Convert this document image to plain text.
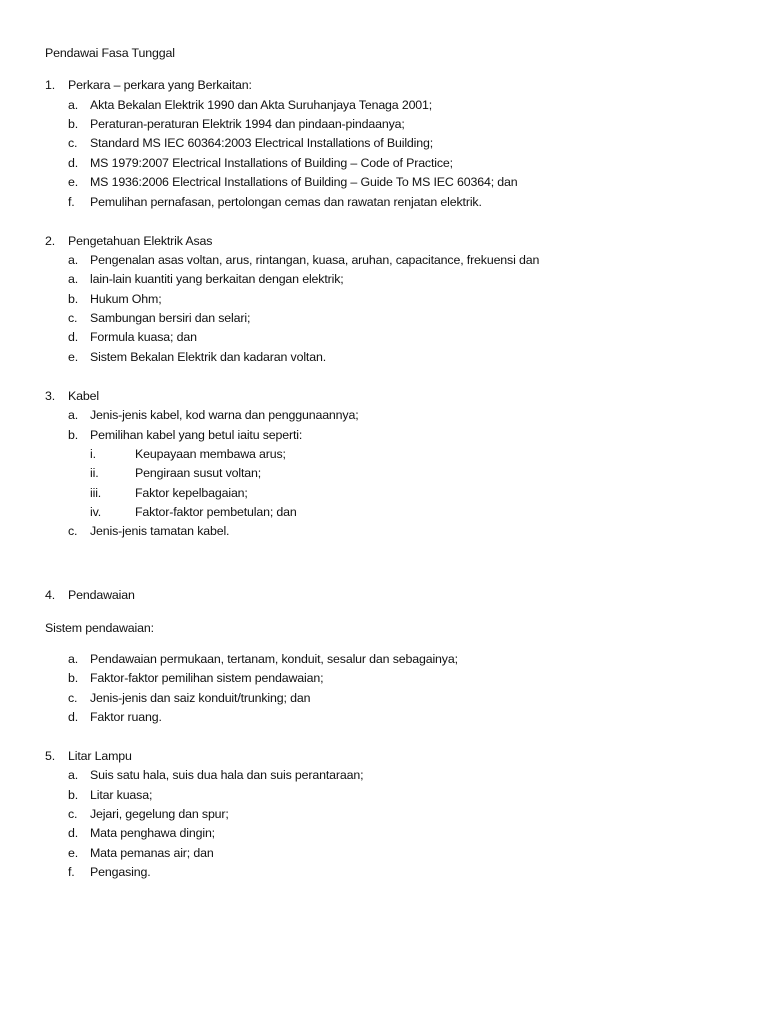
Pendawai Fasa Tunggal
1. Perkara – perkara yang Berkaitan:
a. Akta Bekalan Elektrik 1990 dan Akta Suruhanjaya Tenaga 2001;
b. Peraturan-peraturan Elektrik 1994 dan pindaan-pindaanya;
c. Standard MS IEC 60364:2003 Electrical Installations of Building;
d. MS 1979:2007 Electrical Installations of Building – Code of Practice;
e. MS 1936:2006 Electrical Installations of Building – Guide To MS IEC 60364; dan
f. Pemulihan pernafasan, pertolongan cemas dan rawatan renjatan elektrik.
2. Pengetahuan Elektrik Asas
a. Pengenalan asas voltan, arus, rintangan, kuasa, aruhan, capacitance, frekuensi dan
a. lain-lain kuantiti yang berkaitan dengan elektrik;
b. Hukum Ohm;
c. Sambungan bersiri dan selari;
d. Formula kuasa; dan
e. Sistem Bekalan Elektrik dan kadaran voltan.
3. Kabel
a. Jenis-jenis kabel, kod warna dan penggunaannya;
b. Pemilihan kabel yang betul iaitu seperti:
i.	Keupayaan membawa arus;
ii.	Pengiraan susut voltan;
iii.	Faktor kepelbagaian;
iv.	Faktor-faktor pembetulan; dan
c. Jenis-jenis tamatan kabel.
4. Pendawaian
Sistem pendawaian:
a. Pendawaian permukaan, tertanam, konduit, sesalur dan sebagainya;
b. Faktor-faktor pemilihan sistem pendawaian;
c. Jenis-jenis dan saiz konduit/trunking; dan
d. Faktor ruang.
5. Litar Lampu
a. Suis satu hala, suis dua hala dan suis perantaraan;
b. Litar kuasa;
c. Jejari, gegelung dan spur;
d. Mata penghawa dingin;
e. Mata pemanas air; dan
f. Pengasing.
